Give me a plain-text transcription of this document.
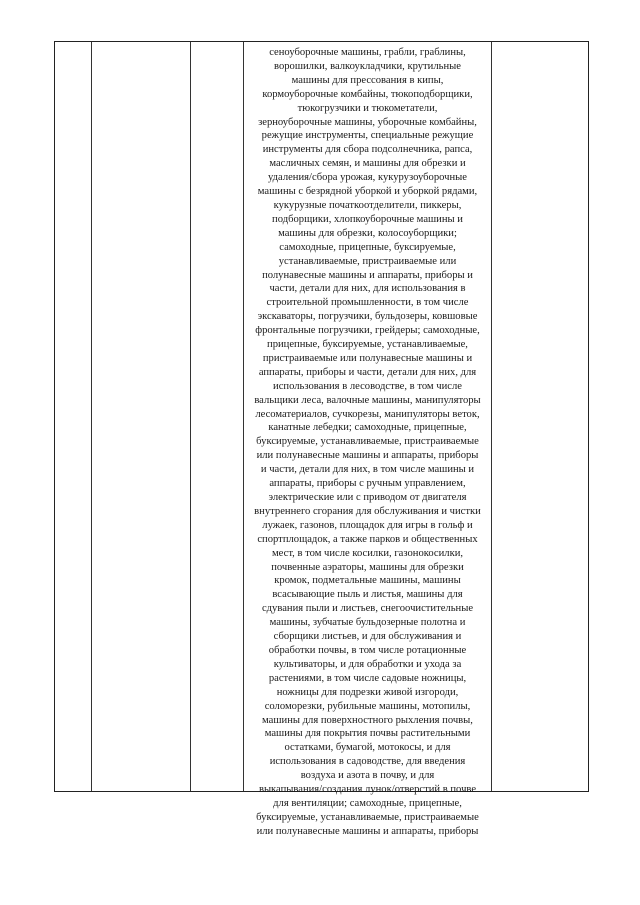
сеноуборочные машины, грабли, граблины,
ворошилки, валкоукладчики, крутильные
машины для прессования в кипы,
кормоуборочные комбайны, тюкоподборщики,
тюкогрузчики и тюкометатели,
зерноуборочные машины, уборочные комбайны,
режущие инструменты, специальные режущие
инструменты для сбора подсолнечника, рапса,
масличных семян, и машины для обрезки и
удаления/сбора урожая, кукурузоуборочные
машины с безрядной уборкой и уборкой рядами,
кукурузные початкоотделители, пиккеры,
подборщики, хлопкоуборочные машины и
машины для обрезки, колосоуборщики;
самоходные, прицепные, буксируемые,
устанавливаемые, пристраиваемые или
полунавесные машины и аппараты, приборы и
части, детали для них, для использования в
строительной промышленности, в том числе
экскаваторы, погрузчики, бульдозеры, ковшовые
фронтальные погрузчики, грейдеры; самоходные,
прицепные, буксируемые, устанавливаемые,
пристраиваемые или полунавесные машины и
аппараты, приборы и части, детали для них, для
использования в лесоводстве, в том числе
вальщики леса, валочные машины, манипуляторы
лесоматериалов, сучкорезы, манипуляторы веток,
канатные лебедки; самоходные, прицепные,
буксируемые, устанавливаемые, пристраиваемые
или полунавесные машины и аппараты, приборы
и части, детали для них, в том числе машины и
аппараты, приборы с ручным управлением,
электрические или с приводом от двигателя
внутреннего сгорания для обслуживания и чистки
лужаек, газонов, площадок для игры в гольф и
спортплощадок, а также парков и общественных
мест, в том числе косилки, газонокосилки,
почвенные аэраторы, машины для обрезки
кромок, подметальные машины, машины
всасывающие пыль и листья, машины для
сдувания пыли и листьев, снегоочистительные
машины, зубчатые бульдозерные полотна и
сборщики листьев, и для обслуживания и
обработки почвы, в том числе ротационные
культиваторы, и для обработки и ухода за
растениями, в том числе садовые ножницы,
ножницы для подрезки живой изгороди,
соломорезки, рубильные машины, мотопилы,
машины для поверхностного рыхления почвы,
машины для покрытия почвы растительными
остатками, бумагой, мотокосы, и для
использования в садоводстве, для введения
воздуха и азота в почву, и для
выкапывания/создания лунок/отверстий в почве
для вентиляции; самоходные, прицепные,
буксируемые, устанавливаемые, пристраиваемые
или полунавесные машины и аппараты, приборы
